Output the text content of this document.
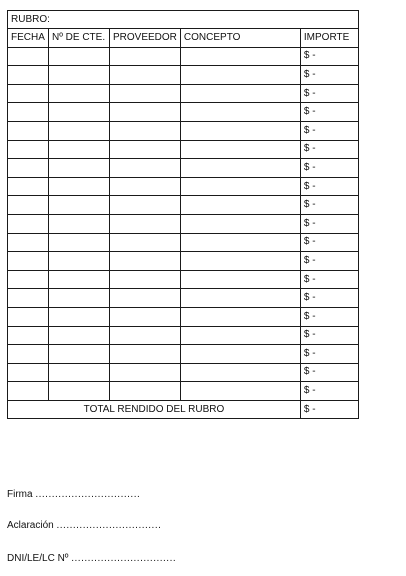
RUBRO:				
FECHA	Nº DE CTE.	PROVEEDOR	CONCEPTO	IMPORTE
				$ -
				$ -
				$ -
				$ -
				$ -
				$ -
				$ -
				$ -
				$ -
				$ -
				$ -
				$ -
				$ -
				$ -
				$ -
				$ -
				$ -
				$ -
				$ -
TOTAL RENDIDO DEL RUBRO				$ -
Firma ................................
Aclaración ................................
DNI/LE/LC Nº ................................
